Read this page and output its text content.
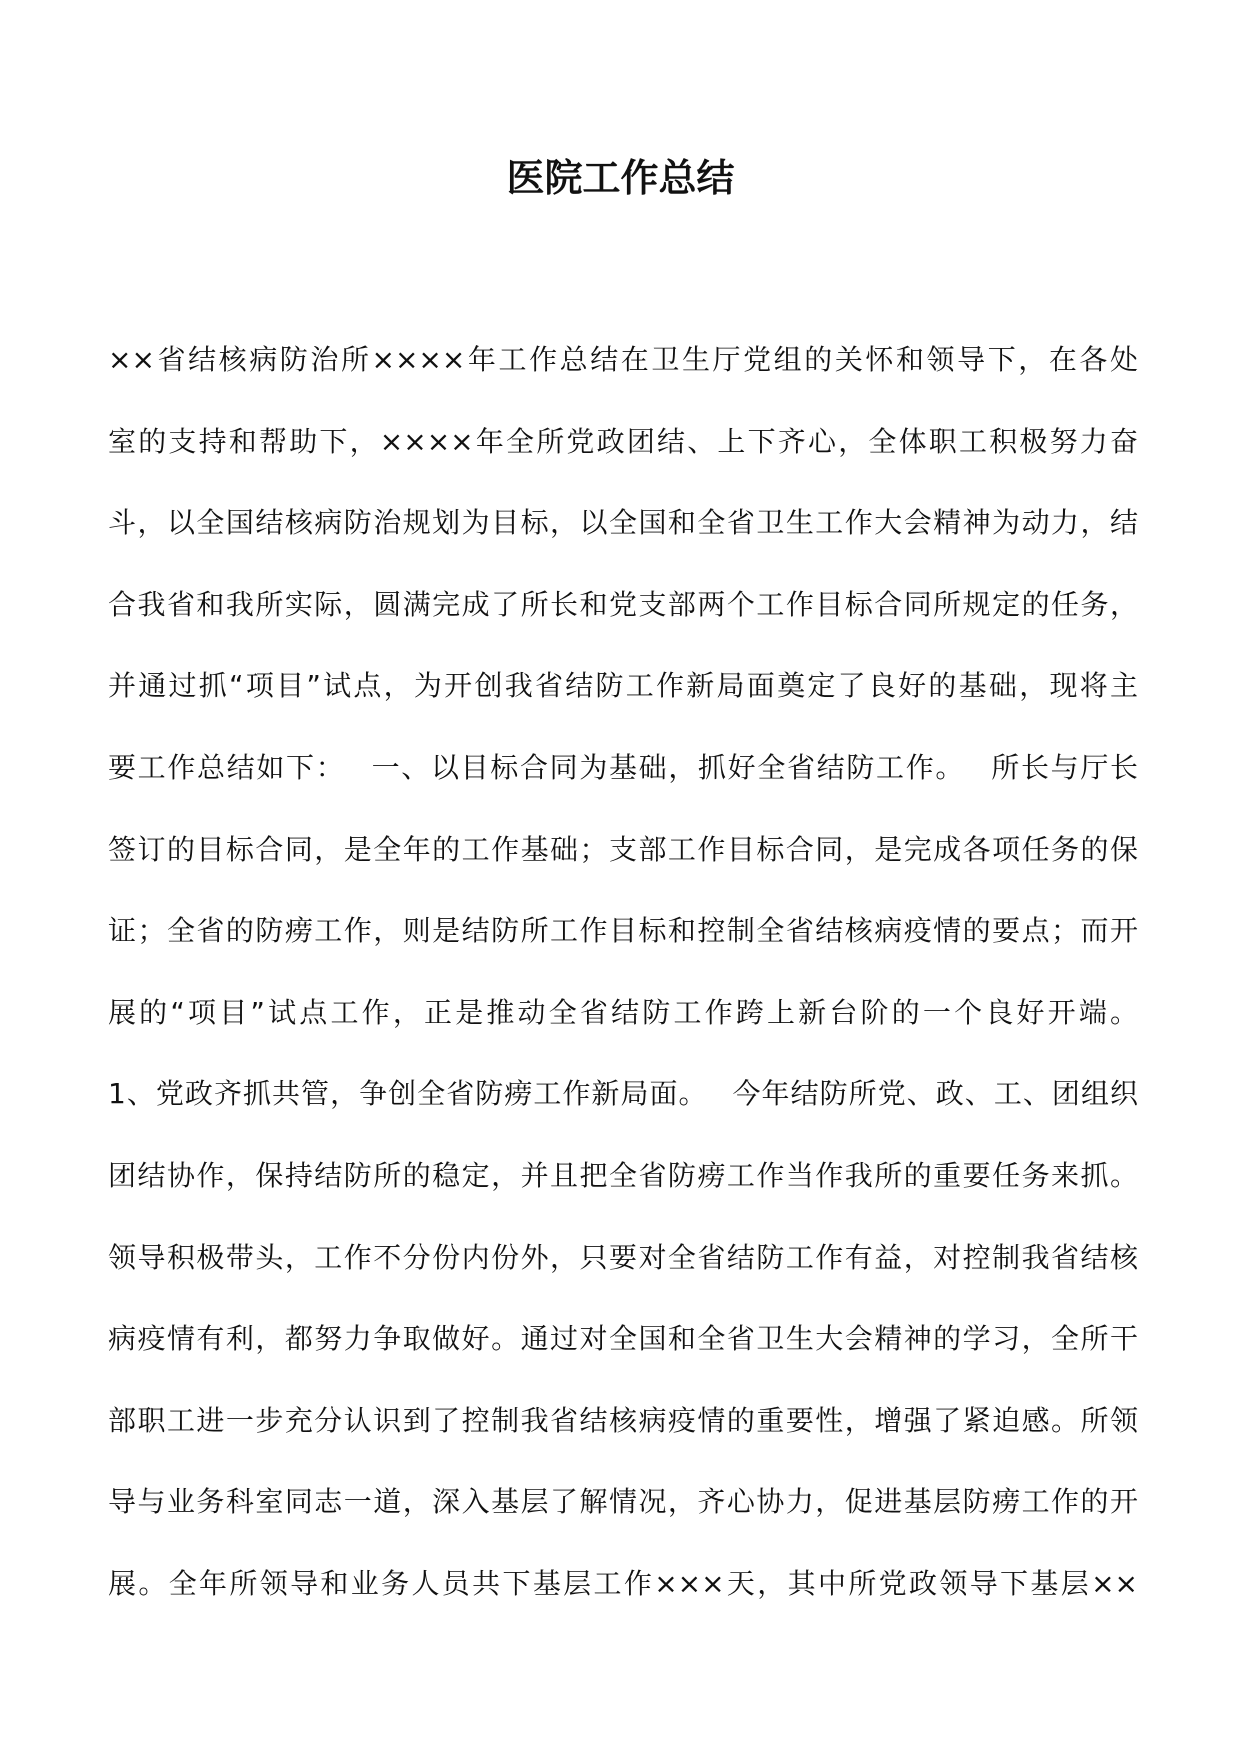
医院工作总结
××省结核病防治所××××年工作总结在卫生厅党组的关怀和领导下，在各处
室的支持和帮助下，××××年全所党政团结、上下齐心，全体职工积极努力奋
斗，以全国结核病防治规划为目标，以全国和全省卫生工作大会精神为动力，结
合我省和我所实际，圆满完成了所长和党支部两个工作目标合同所规定的任务，
并通过抓“项目”试点，为开创我省结防工作新局面奠定了良好的基础，现将主
要工作总结如下：　 一、以目标合同为基础，抓好全省结防工作。　 所长与厅长
签订的目标合同，是全年的工作基础；支部工作目标合同，是完成各项任务的保
证；全省的防痨工作，则是结防所工作目标和控制全省结核病疫情的要点；而开
展的“项目”试点工作，正是推动全省结防工作跨上新台阶的一个良好开端。
1、党政齐抓共管，争创全省防痨工作新局面。　 今年结防所党、政、工、团组织
团结协作，保持结防所的稳定，并且把全省防痨工作当作我所的重要任务来抓。
领导积极带头，工作不分份内份外，只要对全省结防工作有益，对控制我省结核
病疫情有利，都努力争取做好。通过对全国和全省卫生大会精神的学习，全所干
部职工进一步充分认识到了控制我省结核病疫情的重要性，增强了紧迫感。所领
导与业务科室同志一道，深入基层了解情况，齐心协力，促进基层防痨工作的开
展。全年所领导和业务人员共下基层工作×××天，其中所党政领导下基层××
